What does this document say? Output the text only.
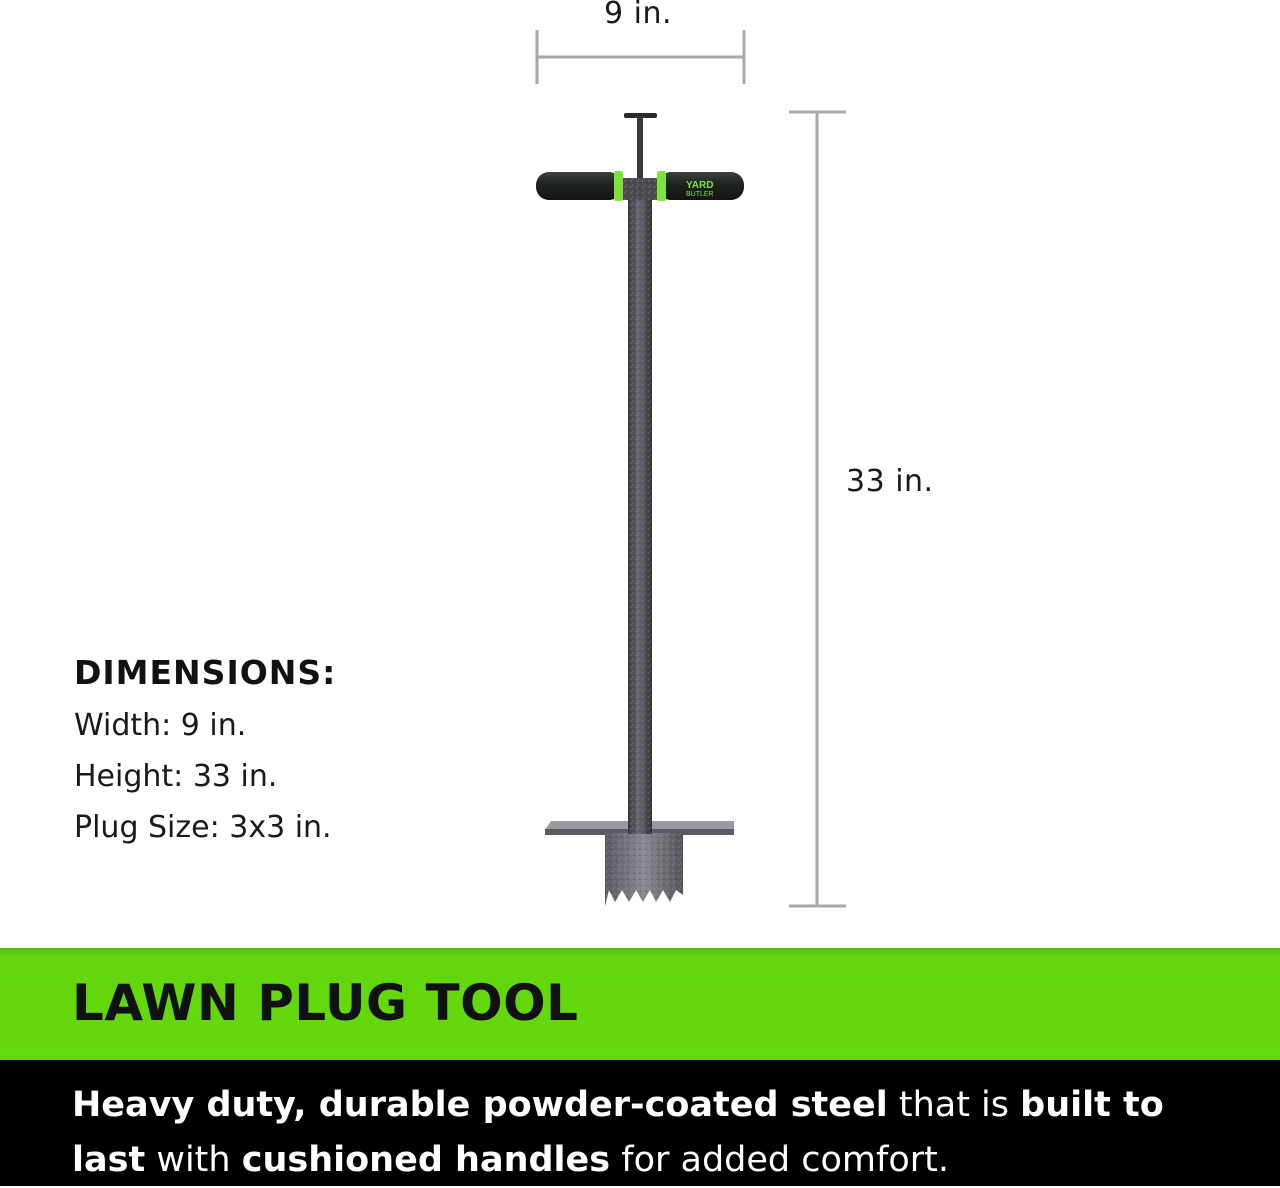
YARD
BUTLER
9 in.
33 in.
DIMENSIONS:
Width: 9 in.
Height: 33 in.
Plug Size: 3x3 in.
LAWN PLUG TOOL
Heavy duty, durable powder-coated steel that is built to
last with cushioned handles for added comfort.
